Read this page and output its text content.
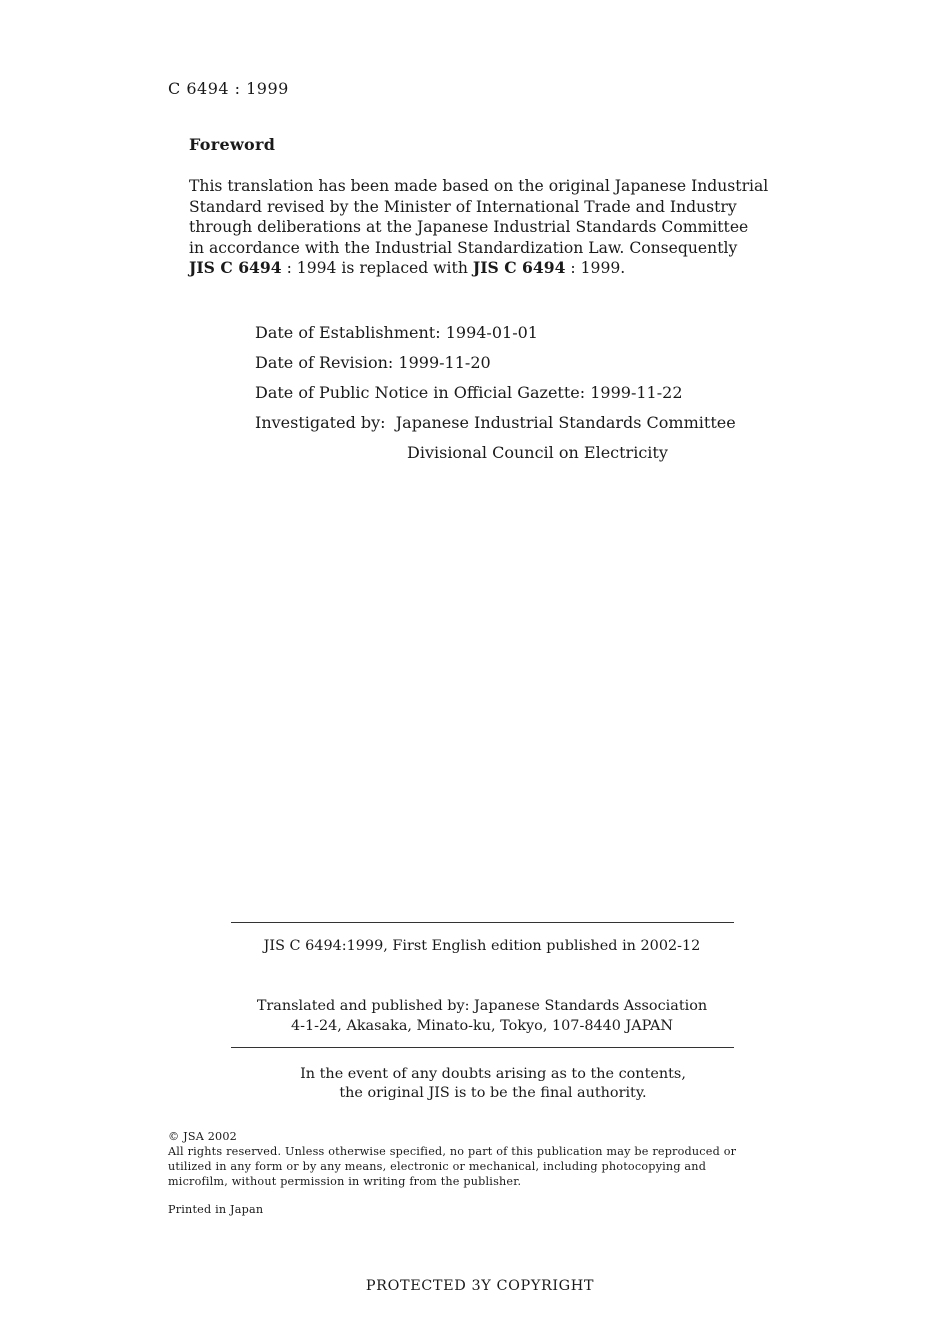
C 6494 : 1999
Foreword
This translation has been made based on the original Japanese Industrial
Standard revised by the Minister of International Trade and Industry
through deliberations at the Japanese Industrial Standards Committee
in accordance with the Industrial Standardization Law. Consequently
JIS C 6494 : 1994 is replaced with JIS C 6494 : 1999.
Date of Establishment: 1994-01-01
Date of Revision: 1999-11-20
Date of Public Notice in Official Gazette: 1999-11-22
Investigated by: Japanese Industrial Standards Committee
Divisional Council on Electricity
JIS C 6494:1999, First English edition published in 2002-12
Translated and published by: Japanese Standards Association
4-1-24, Akasaka, Minato-ku, Tokyo, 107-8440 JAPAN
In the event of any doubts arising as to the contents,
the original JIS is to be the final authority.
© JSA 2002
All rights reserved. Unless otherwise specified, no part of this publication may be reproduced or
utilized in any form or by any means, electronic or mechanical, including photocopying and
microfilm, without permission in writing from the publisher.
Printed in Japan
PROTECTED 3Y COPYRIGHT
